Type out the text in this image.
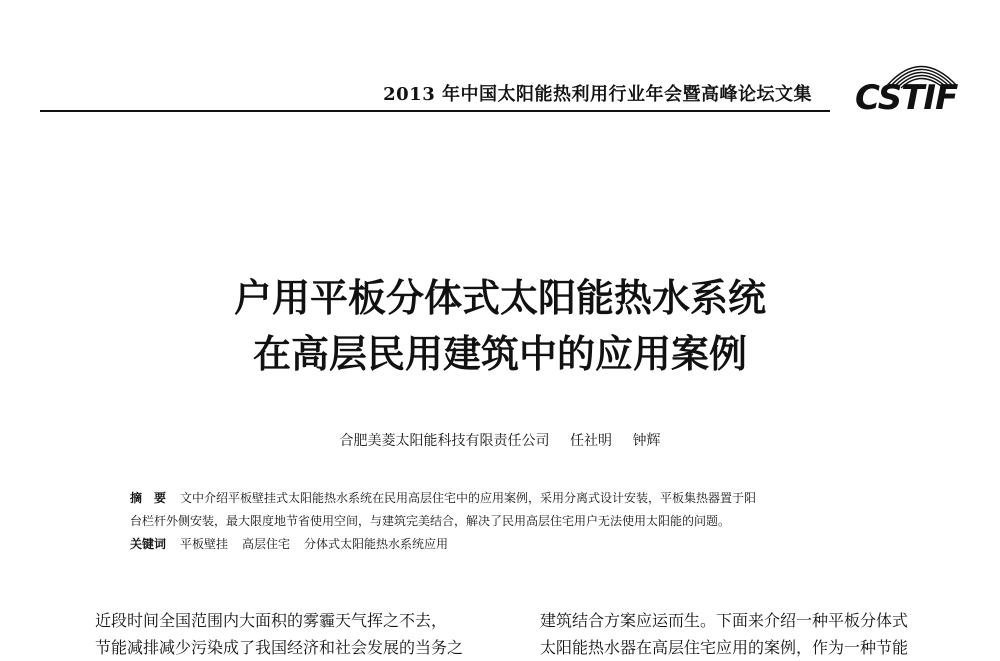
2013 年中国太阳能热利用行业年会暨高峰论坛文集 CSTIF
户用平板分体式太阳能热水系统
在高层民用建筑中的应用案例
合肥美菱太阳能科技有限责任公司 任社明 钟辉
摘　要 文中介绍平板壁挂式太阳能热水系统在民用高层住宅中的应用案例，采用分离式设计安装，平板集热器置于阳
台栏杆外侧安装，最大限度地节省使用空间，与建筑完美结合，解决了民用高层住宅用户无法使用太阳能的问题。
关键词 平板壁挂 高层住宅 分体式太阳能热水系统应用
近段时间全国范围内大面积的雾霾天气挥之不去，
节能减排减少污染成了我国经济和社会发展的当务之
建筑结合方案应运而生。下面来介绍一种平板分体式
太阳能热水器在高层住宅应用的案例，作为一种节能
